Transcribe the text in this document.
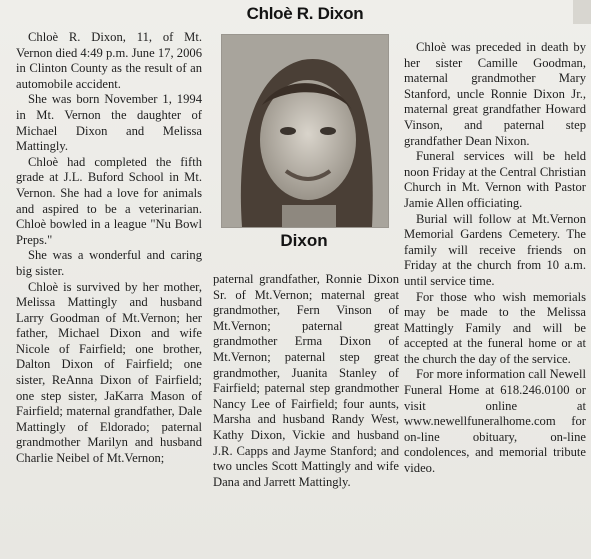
Chloè R. Dixon

Chloè R. Dixon, 11, of Mt. Vernon died 4:49 p.m. June 17, 2006 in Clinton County as the result of an automobile accident.

She was born November 1, 1994 in Mt. Vernon the daughter of Michael Dixon and Melissa Mattingly.

Chloè had completed the fifth grade at J.L. Buford School in Mt. Vernon. She had a love for animals and aspired to be a veterinarian. Chloè bowled in a league "Nu Bowl Preps."

She was a wonderful and caring big sister.

Chloè is survived by her mother, Melissa Mattingly and husband Larry Goodman of Mt.Vernon; her father, Michael Dixon and wife Nicole of Fairfield; one brother, Dalton Dixon of Fairfield; one sister, ReAnna Dixon of Fairfield; one step sister, JaKarra Mason of Fairfield; maternal grandfather, Dale Mattingly of Eldorado; paternal grandmother Marilyn and husband Charlie Neibel of Mt.Vernon;

Dixon

paternal grandfather, Ronnie Dixon Sr. of Mt.Vernon; maternal great grandmother, Fern Vinson of Mt.Vernon; paternal great grandmother Erma Dixon of Mt.Vernon; paternal step great grandmother, Juanita Stanley of Fairfield; paternal step grandmother Nancy Lee of Fairfield; four aunts, Marsha and husband Randy West, Kathy Dixon, Vickie and husband J.R. Capps and Jayme Stanford; and two uncles Scott Mattingly and wife Dana and Jarrett Mattingly.

Chloè was preceded in death by her sister Camille Goodman, maternal grandmother Mary Stanford, uncle Ronnie Dixon Jr., maternal great grandfather Howard Vinson, and paternal step grandfather Dean Nixon.

Funeral services will be held noon Friday at the Central Christian Church in Mt. Vernon with Pastor Jamie Allen officiating.

Burial will follow at Mt.Vernon Memorial Gardens Cemetery. The family will receive friends on Friday at the church from 10 a.m. until service time.

For those who wish memorials may be made to the Melissa Mattingly Family and will be accepted at the funeral home or at the church the day of the service.

For more information call Newell Funeral Home at 618.246.0100 or visit online at www.newellfuneralhome.com for on-line obituary, on-line condolences, and memorial tribute video.
